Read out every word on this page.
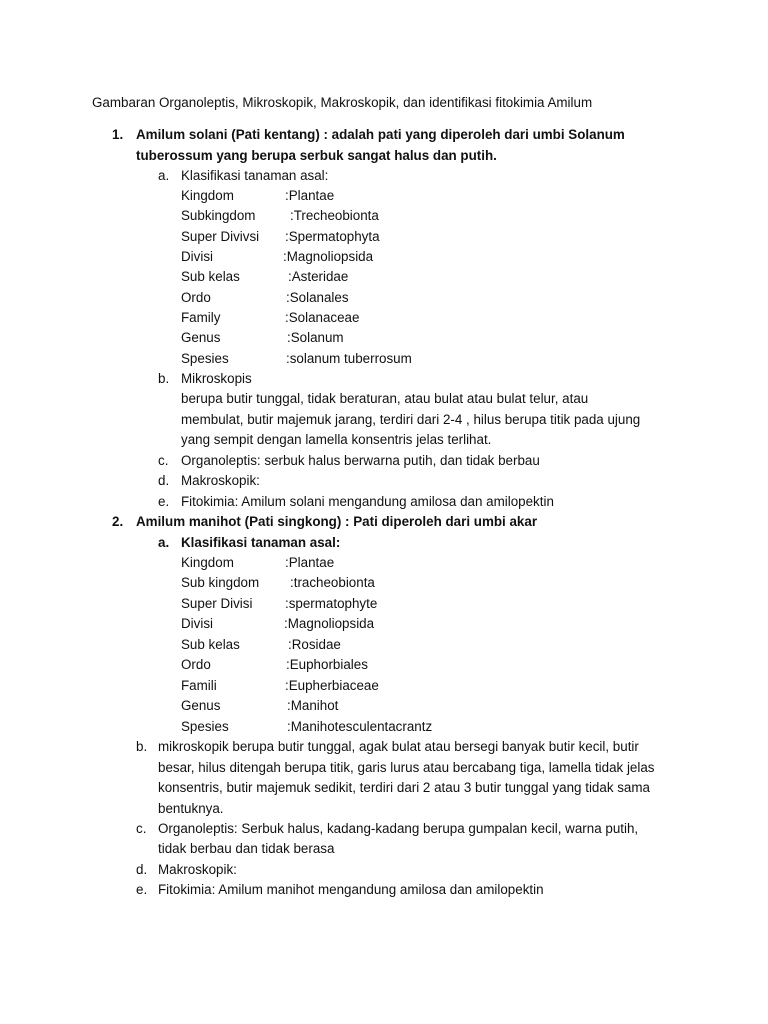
Gambaran Organoleptis, Mikroskopik, Makroskopik, dan identifikasi fitokimia Amilum
1. Amilum solani (Pati kentang) : adalah pati yang diperoleh dari umbi Solanum
tuberossum yang berupa serbuk sangat halus dan putih.
a. Klasifikasi tanaman asal:
Kingdom	:Plantae
Subkingdom	:Trecheobionta
Super Divivsi :Spermatophyta
Divisi	:Magnoliopsida
Sub kelas	:Asteridae
Ordo	:Solanales
Family	:Solanaceae
Genus	:Solanum
Spesies	:solanum tuberrosum
b. Mikroskopis
berupa butir tunggal, tidak beraturan, atau bulat atau bulat telur, atau
membulat, butir majemuk jarang, terdiri dari 2-4 , hilus berupa titik pada ujung
yang sempit dengan lamella konsentris jelas terlihat.
c. Organoleptis: serbuk halus berwarna putih, dan tidak berbau
d. Makroskopik:
e. Fitokimia: Amilum solani mengandung amilosa dan amilopektin
2. Amilum manihot (Pati singkong) : Pati diperoleh dari umbi akar
a. Klasifikasi tanaman asal:
Kingdom	:Plantae
Sub kingdom :tracheobionta
Super Divisi :spermatophyte
Divisi	:Magnoliopsida
Sub kelas	:Rosidae
Ordo	:Euphorbiales
Famili	:Eupherbiaceae
Genus	:Manihot
Spesies	:Manihotesculentacrantz
b. mikroskopik berupa butir tunggal, agak bulat atau bersegi banyak butir kecil, butir
besar, hilus ditengah berupa titik, garis lurus atau bercabang tiga, lamella tidak jelas
konsentris, butir majemuk sedikit, terdiri dari 2 atau 3 butir tunggal yang tidak sama
bentuknya.
c. Organoleptis: Serbuk halus, kadang-kadang berupa gumpalan kecil, warna putih,
tidak berbau dan tidak berasa
d. Makroskopik:
e. Fitokimia: Amilum manihot mengandung amilosa dan amilopektin
